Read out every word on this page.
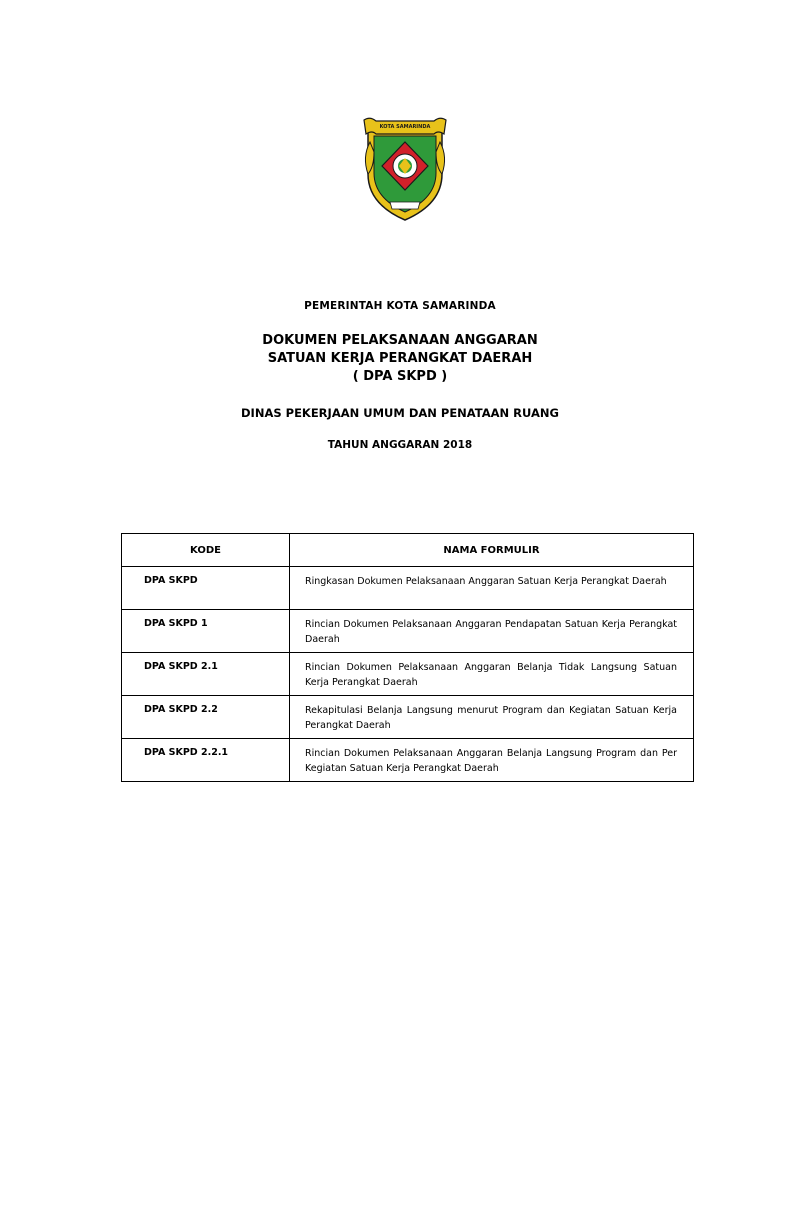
KOTA SAMARINDA

PEMERINTAH KOTA SAMARINDA

DOKUMEN PELAKSANAAN ANGGARAN
SATUAN KERJA PERANGKAT DAERAH
( DPA SKPD )

DINAS PEKERJAAN UMUM DAN PENATAAN RUANG

TAHUN ANGGARAN 2018

KODE	NAMA FORMULIR
DPA SKPD	Ringkasan Dokumen Pelaksanaan Anggaran Satuan Kerja Perangkat Daerah
DPA SKPD 1	Rincian Dokumen Pelaksanaan Anggaran Pendapatan Satuan Kerja Perangkat Daerah
DPA SKPD 2.1	Rincian Dokumen Pelaksanaan Anggaran Belanja Tidak Langsung Satuan Kerja Perangkat Daerah
DPA SKPD 2.2	Rekapitulasi Belanja Langsung menurut Program dan Kegiatan Satuan Kerja Perangkat Daerah
DPA SKPD 2.2.1	Rincian Dokumen Pelaksanaan Anggaran Belanja Langsung Program dan Per Kegiatan Satuan Kerja Perangkat Daerah
